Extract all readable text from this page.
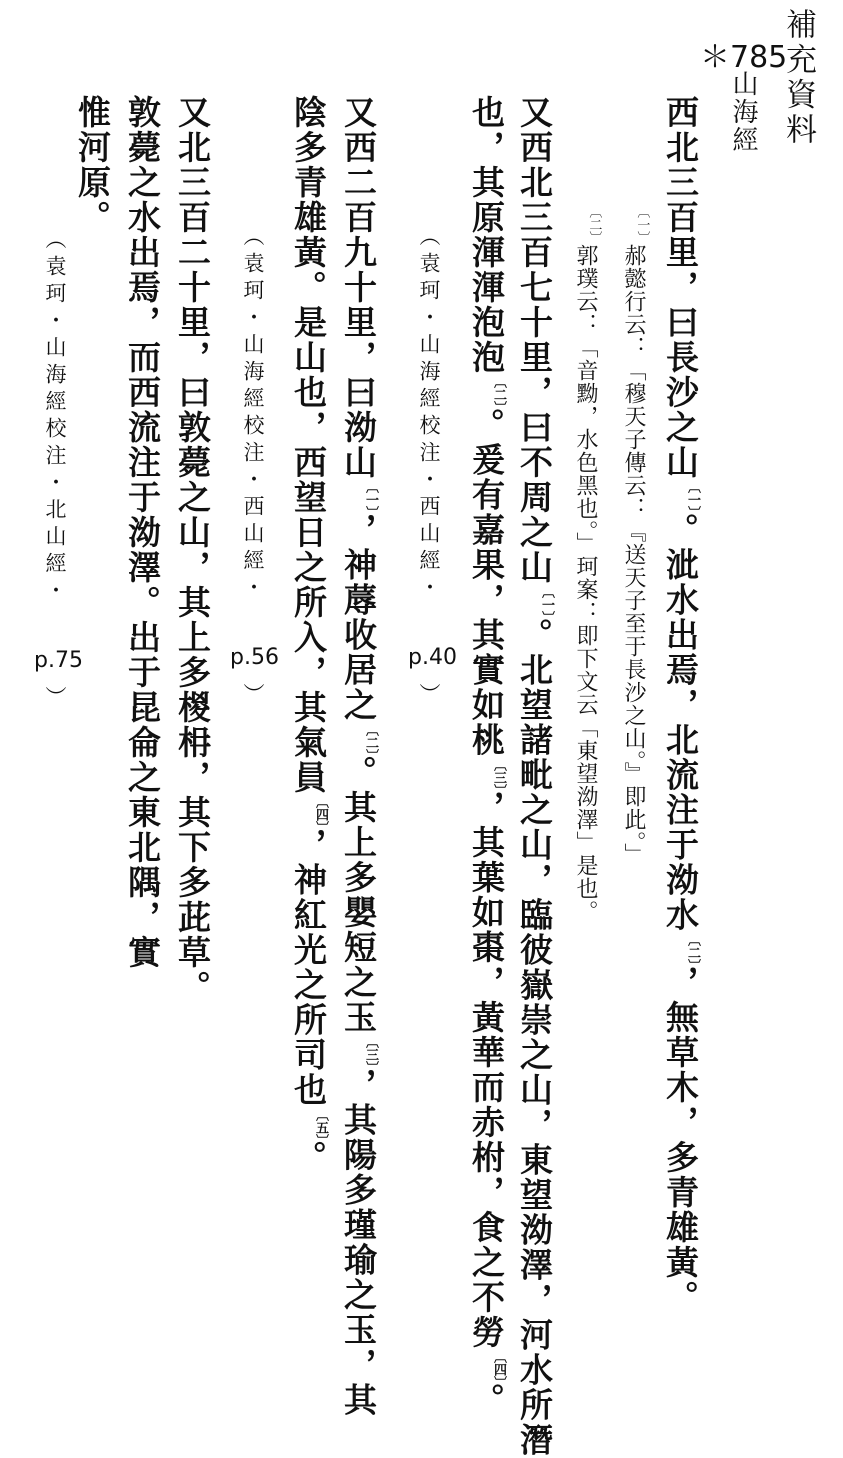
補充資料
＊785
山海經
西北三百里，曰長沙之山$^{〔一〕}$。泚水出焉，北流注于泑水$^{〔二〕}$，無草木，多青雄黃。
$^{〔一〕}$郝懿行云：「穆天子傳云：『送天子至于長沙之山。』即此。」
$^{〔二〕}$郭璞云：「音黝，水色黑也。」珂案：即下文云「東望泑澤」是也。
又西北三百七十里，曰不周之山$^{〔一〕}$。北望諸毗之山，臨彼嶽崇之山，東望泑澤，河水所潛
也，其原渾渾泡泡$^{〔二〕}$。爰有嘉果，其實如桃$^{〔三〕}$，其葉如棗，黃華而赤柎，食之不勞$^{〔四〕}$。
（袁珂・山海經校注・西山經・
p.40
）
又西二百九十里，曰泑山$^{〔一〕}$，神蓐收居之$^{〔二〕}$。其上多嬰短之玉$^{〔三〕}$，其陽多瑾瑜之玉，其
陰多青雄黃。是山也，西望日之所入，其氣員$^{〔四〕}$，神紅光之所司也$^{〔五〕}$。
（袁珂・山海經校注・西山經・
p.56
）
又北三百二十里，曰敦薨之山，其上多椶枏，其下多茈草。
敦薨之水出焉，而西流注于泑澤。出于昆侖之東北隅，實
惟河原。
（袁珂・山海經校注・北山經・
p.75
）
